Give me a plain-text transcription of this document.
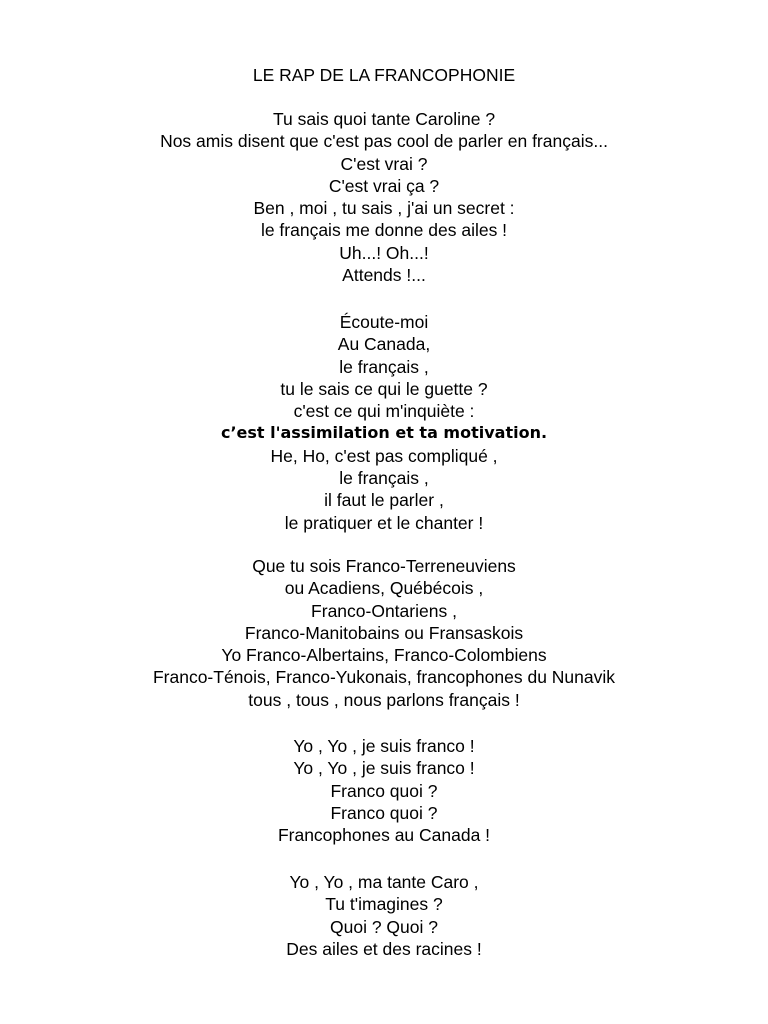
LE RAP DE LA FRANCOPHONIE
Tu sais quoi tante Caroline ?
Nos amis disent que c'est pas cool de parler en français...
C'est vrai ?
C'est vrai ça ?
Ben , moi , tu sais , j'ai un secret :
le français me donne des ailes !
Uh...! Oh...!
Attends !...
Écoute-moi
Au Canada,
le français ,
tu le sais ce qui le guette ?
c'est ce qui m'inquiète :
c’est l'assimilation et ta motivation.
He, Ho, c'est pas compliqué ,
le français ,
il faut le parler ,
le pratiquer et le chanter !
Que tu sois Franco-Terreneuviens
ou Acadiens, Québécois ,
Franco-Ontariens ,
Franco-Manitobains ou Fransaskois
Yo Franco-Albertains, Franco-Colombiens
Franco-Ténois, Franco-Yukonais, francophones du Nunavik
tous , tous , nous parlons français !
Yo , Yo , je suis franco !
Yo , Yo , je suis franco !
Franco quoi ?
Franco quoi ?
Francophones au Canada !
Yo , Yo , ma tante Caro ,
Tu t'imagines ?
Quoi ? Quoi ?
Des ailes et des racines !
